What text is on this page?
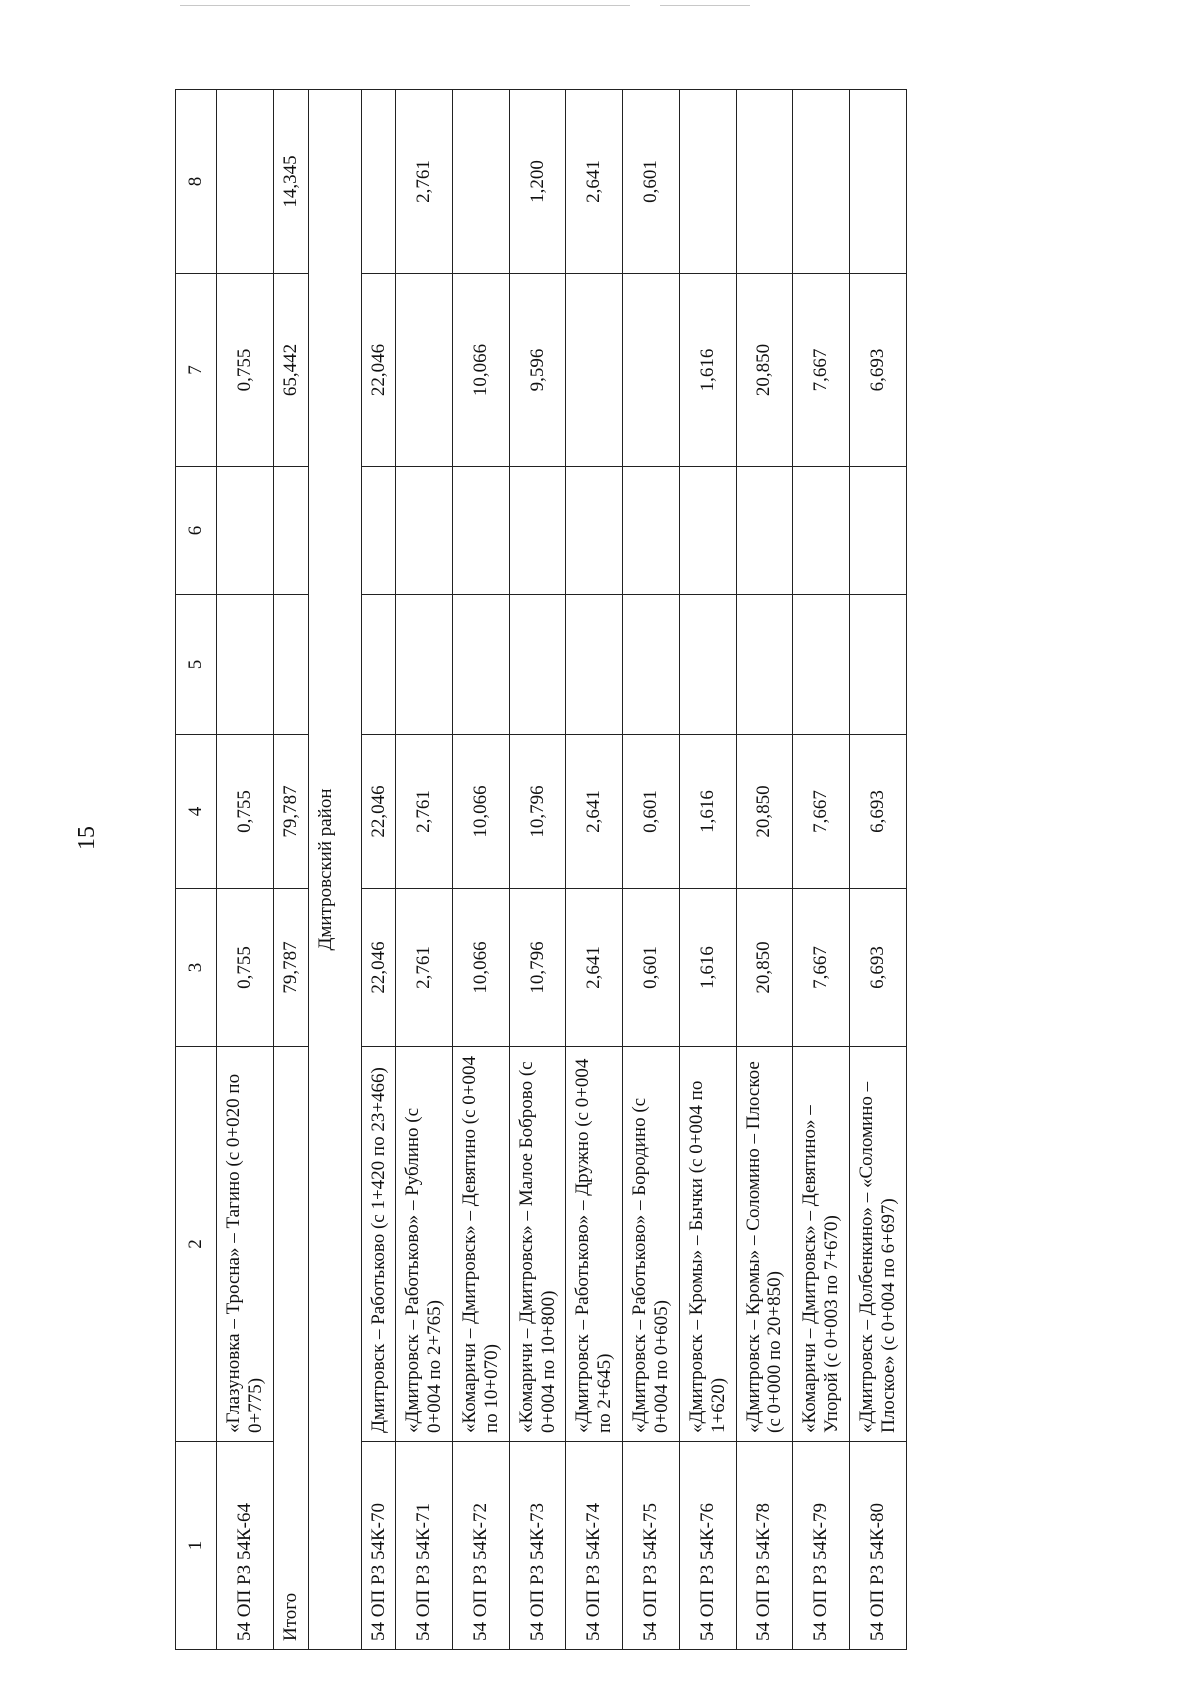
15
1	2	3	4	5	6	7	8
54 ОП РЗ 54К-64	«Глазуновка – Тросна» – Тагино (с 0+020 по 0+775)	0,755	0,755			0,755	
Итого		79,787	79,787			65,442	14,345
Дмитровский район							
54 ОП РЗ 54К-70	Дмитровск – Работьково (с 1+420 по 23+466)	22,046	22,046			22,046	
54 ОП РЗ 54К-71	«Дмитровск – Работьково» – Рублино (с 0+004 по 2+765)	2,761	2,761				2,761
54 ОП РЗ 54К-72	«Комаричи – Дмитровск» – Девятино (с 0+004 по 10+070)	10,066	10,066			10,066	
54 ОП РЗ 54К-73	«Комаричи – Дмитровск» – Малое Боброво (с 0+004 по 10+800)	10,796	10,796			9,596	1,200
54 ОП РЗ 54К-74	«Дмитровск – Работьково» – Дружно (с 0+004 по 2+645)	2,641	2,641				2,641
54 ОП РЗ 54К-75	«Дмитровск – Работьково» – Бородино (с 0+004 по 0+605)	0,601	0,601				0,601
54 ОП РЗ 54К-76	«Дмитровск – Кромы» – Бычки (с 0+004 по 1+620)	1,616	1,616			1,616	
54 ОП РЗ 54К-78	«Дмитровск – Кромы» – Соломино – Плоское (с 0+000 по 20+850)	20,850	20,850			20,850	
54 ОП РЗ 54К-79	«Комаричи – Дмитровск» – Девятино» – Упорой (с 0+003 по 7+670)	7,667	7,667			7,667	
54 ОП РЗ 54К-80	«Дмитровск – Долбенкино» – «Соломино – Плоское» (с 0+004 по 6+697)	6,693	6,693			6,693	
